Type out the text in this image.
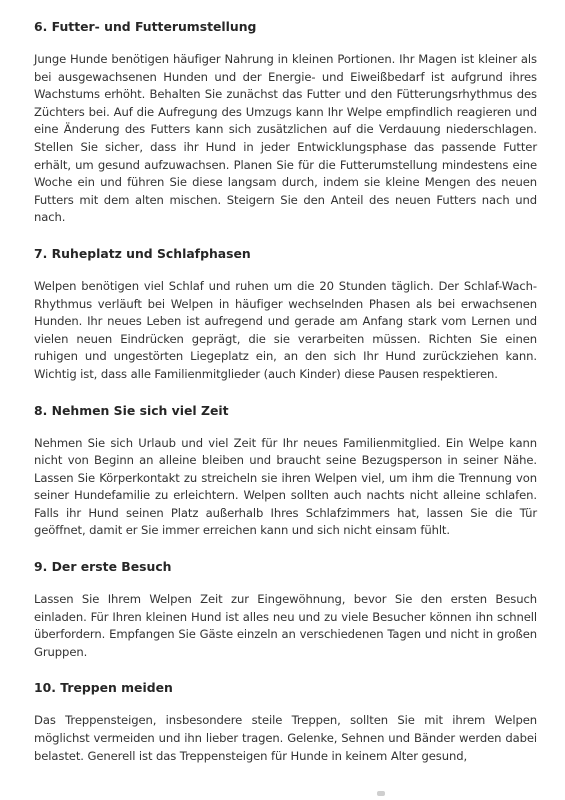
6. Futter- und Futterumstellung

Junge Hunde benötigen häufiger Nahrung in kleinen Portionen. Ihr Magen ist kleiner als bei ausgewachsenen Hunden und der Energie- und Eiweißbedarf ist aufgrund ihres Wachstums erhöht. Behalten Sie zunächst das Futter und den Fütterungsrhythmus des Züchters bei. Auf die Aufregung des Umzugs kann Ihr Welpe empfindlich reagieren und eine Änderung des Futters kann sich zusätzlichen auf die Verdauung niederschlagen. Stellen Sie sicher, dass ihr Hund in jeder Entwicklungsphase das passende Futter erhält, um gesund aufzuwachsen. Planen Sie für die Futterumstellung mindestens eine Woche ein und führen Sie diese langsam durch, indem sie kleine Mengen des neuen Futters mit dem alten mischen. Steigern Sie den Anteil des neuen Futters nach und nach.

7. Ruheplatz und Schlafphasen

Welpen benötigen viel Schlaf und ruhen um die 20 Stunden täglich. Der Schlaf-Wach-Rhythmus verläuft bei Welpen in häufiger wechselnden Phasen als bei erwachsenen Hunden. Ihr neues Leben ist aufregend und gerade am Anfang stark vom Lernen und vielen neuen Eindrücken geprägt, die sie verarbeiten müssen. Richten Sie einen ruhigen und ungestörten Liegeplatz ein, an den sich Ihr Hund zurückziehen kann. Wichtig ist, dass alle Familienmitglieder (auch Kinder) diese Pausen respektieren.

8. Nehmen Sie sich viel Zeit

Nehmen Sie sich Urlaub und viel Zeit für Ihr neues Familienmitglied. Ein Welpe kann nicht von Beginn an alleine bleiben und braucht seine Bezugsperson in seiner Nähe. Lassen Sie Körperkontakt zu streicheln sie ihren Welpen viel, um ihm die Trennung von seiner Hundefamilie zu erleichtern. Welpen sollten auch nachts nicht alleine schlafen. Falls ihr Hund seinen Platz außerhalb Ihres Schlafzimmers hat, lassen Sie die Tür geöffnet, damit er Sie immer erreichen kann und sich nicht einsam fühlt.

9. Der erste Besuch

Lassen Sie Ihrem Welpen Zeit zur Eingewöhnung, bevor Sie den ersten Besuch einladen. Für Ihren kleinen Hund ist alles neu und zu viele Besucher können ihn schnell überfordern. Empfangen Sie Gäste einzeln an verschiedenen Tagen und nicht in großen Gruppen.

10. Treppen meiden

Das Treppensteigen, insbesondere steile Treppen, sollten Sie mit ihrem Welpen möglichst vermeiden und ihn lieber tragen. Gelenke, Sehnen und Bänder werden dabei belastet. Generell ist das Treppensteigen für Hunde in keinem Alter gesund,
